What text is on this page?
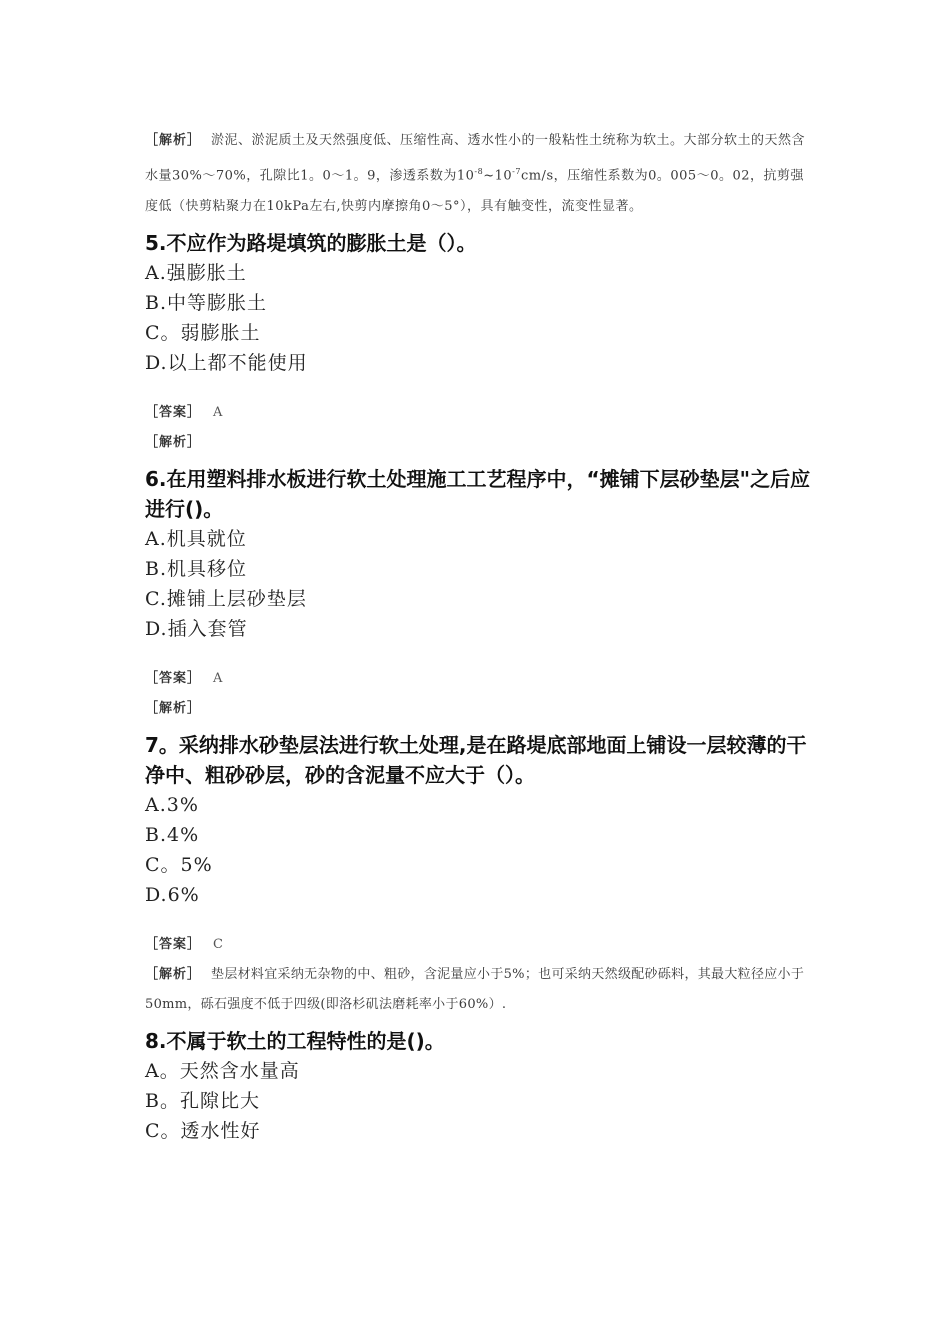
［解析］ 淤泥、淤泥质土及天然强度低、压缩性高、透水性小的一般粘性土统称为软土。大部分软土的天然含水量30%～70%，孔隙比1。0～1。9，渗透系数为$10^{-8}\sim 10^{-7}cm/s$，压缩性系数为0。005～0。02，抗剪强度低（快剪粘聚力在10kPa左右,快剪内摩擦角0～5°），具有触变性，流变性显著。

5.不应作为路堤填筑的膨胀土是（）。

A.强膨胀土
B.中等膨胀土
C。弱膨胀土
D.以上都不能使用
［答案］ A
［解析］

6.在用塑料排水板进行软土处理施工工艺程序中，“摊铺下层砂垫层"之后应进行()。

A.机具就位
B.机具移位
C.摊铺上层砂垫层
D.插入套管
［答案］ A
［解析］

7。采纳排水砂垫层法进行软土处理,是在路堤底部地面上铺设一层较薄的干净中、粗砂砂层，砂的含泥量不应大于（）。

A.3%
B.4%
C。5%
D.6%
［答案］ C
［解析］ 垫层材料宜采纳无杂物的中、粗砂，含泥量应小于5%；也可采纳天然级配砂砾料，其最大粒径应小于50mm，砾石强度不低于四级(即洛杉矶法磨耗率小于60%）.

8.不属于软土的工程特性的是()。

A。天然含水量高
B。孔隙比大
C。透水性好
